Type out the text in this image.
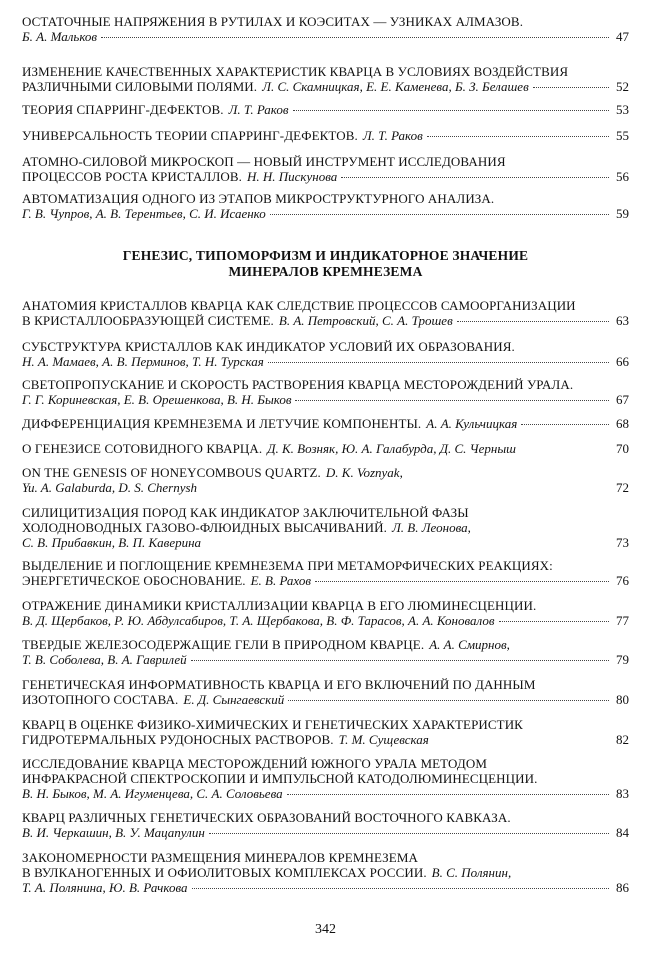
ОСТАТОЧНЫЕ НАПРЯЖЕНИЯ В РУТИЛАХ И КОЭСИТАХ — УЗНИКАХ АЛМАЗОВ.
Б. А. Мальков	47
ИЗМЕНЕНИЕ КАЧЕСТВЕННЫХ ХАРАКТЕРИСТИК КВАРЦА В УСЛОВИЯХ ВОЗДЕЙСТВИЯ
РАЗЛИЧНЫМИ СИЛОВЫМИ ПОЛЯМИ. Л. С. Скамницкая, Е. Е. Каменева, Б. З. Белашев	52
ТЕОРИЯ СПАРРИНГ-ДЕФЕКТОВ. Л. Т. Раков	53
УНИВЕРСАЛЬНОСТЬ ТЕОРИИ СПАРРИНГ-ДЕФЕКТОВ. Л. Т. Раков	55
АТОМНО-СИЛОВОЙ МИКРОСКОП — НОВЫЙ ИНСТРУМЕНТ ИССЛЕДОВАНИЯ
ПРОЦЕССОВ РОСТА КРИСТАЛЛОВ. Н. Н. Пискунова	56
АВТОМАТИЗАЦИЯ ОДНОГО ИЗ ЭТАПОВ МИКРОСТРУКТУРНОГО АНАЛИЗА.
Г. В. Чупров, А. В. Терентьев, С. И. Исаенко	59
ГЕНЕЗИС, ТИПОМОРФИЗМ И ИНДИКАТОРНОЕ ЗНАЧЕНИЕ
МИНЕРАЛОВ КРЕМНЕЗЕМА
АНАТОМИЯ КРИСТАЛЛОВ КВАРЦА КАК СЛЕДСТВИЕ ПРОЦЕССОВ САМООРГАНИЗАЦИИ
В КРИСТАЛЛООБРАЗУЮЩЕЙ СИСТЕМЕ. В. А. Петровский, С. А. Трошев	63
СУБСТРУКТУРА КРИСТАЛЛОВ КАК ИНДИКАТОР УСЛОВИЙ ИХ ОБРАЗОВАНИЯ.
Н. А. Мамаев, А. В. Перминов, Т. Н. Турская	66
СВЕТОПРОПУСКАНИЕ И СКОРОСТЬ РАСТВОРЕНИЯ КВАРЦА МЕСТОРОЖДЕНИЙ УРАЛА.
Г. Г. Кориневская, Е. В. Орешенкова, В. Н. Быков	67
ДИФФЕРЕНЦИАЦИЯ КРЕМНЕЗЕМА И ЛЕТУЧИЕ КОМПОНЕНТЫ. А. А. Кульчицкая	68
О ГЕНЕЗИСЕ СОТОВИДНОГО КВАРЦА. Д. К. Возняк, Ю. А. Галабурда, Д. С. Черныш	70
ON THE GENESIS OF HONEYCOMBOUS QUARTZ. D. K. Voznyak,
Yu. A. Galaburda, D. S. Chernysh	72
СИЛИЦИТИЗАЦИЯ ПОРОД КАК ИНДИКАТОР ЗАКЛЮЧИТЕЛЬНОЙ ФАЗЫ
ХОЛОДНОВОДНЫХ ГАЗОВО-ФЛЮИДНЫХ ВЫСАЧИВАНИЙ. Л. В. Леонова,
С. В. Прибавкин, В. П. Каверина	73
ВЫДЕЛЕНИЕ И ПОГЛОЩЕНИЕ КРЕМНЕЗЕМА ПРИ МЕТАМОРФИЧЕСКИХ РЕАКЦИЯХ:
ЭНЕРГЕТИЧЕСКОЕ ОБОСНОВАНИЕ. Е. В. Рахов	76
ОТРАЖЕНИЕ ДИНАМИКИ КРИСТАЛЛИЗАЦИИ КВАРЦА В ЕГО ЛЮМИНЕСЦЕНЦИИ.
В. Д. Щербаков, Р. Ю. Абдулсабиров, Т. А. Щербакова, В. Ф. Тарасов, А. А. Коновалов	77
ТВЕРДЫЕ ЖЕЛЕЗОСОДЕРЖАЩИЕ ГЕЛИ В ПРИРОДНОМ КВАРЦЕ. А. А. Смирнов,
Т. В. Соболева, В. А. Гаврилей	79
ГЕНЕТИЧЕСКАЯ ИНФОРМАТИВНОСТЬ КВАРЦА И ЕГО ВКЛЮЧЕНИЙ ПО ДАННЫМ
ИЗОТОПНОГО СОСТАВА. Е. Д. Сынгаевский	80
КВАРЦ В ОЦЕНКЕ ФИЗИКО-ХИМИЧЕСКИХ И ГЕНЕТИЧЕСКИХ ХАРАКТЕРИСТИК
ГИДРОТЕРМАЛЬНЫХ РУДОНОСНЫХ РАСТВОРОВ. Т. М. Сущевская	82
ИССЛЕДОВАНИЕ КВАРЦА МЕСТОРОЖДЕНИЙ ЮЖНОГО УРАЛА МЕТОДОМ
ИНФРАКРАСНОЙ СПЕКТРОСКОПИИ И ИМПУЛЬСНОЙ КАТОДОЛЮМИНЕСЦЕНЦИИ.
В. Н. Быков, М. А. Игуменцева, С. А. Соловьева	83
КВАРЦ РАЗЛИЧНЫХ ГЕНЕТИЧЕСКИХ ОБРАЗОВАНИЙ ВОСТОЧНОГО КАВКАЗА.
В. И. Черкашин, В. У. Мацапулин	84
ЗАКОНОМЕРНОСТИ РАЗМЕЩЕНИЯ МИНЕРАЛОВ КРЕМНЕЗЕМА
В ВУЛКАНОГЕННЫХ И ОФИОЛИТОВЫХ КОМПЛЕКСАХ РОССИИ. В. С. Полянин,
Т. А. Полянина, Ю. В. Рачкова	86
342
